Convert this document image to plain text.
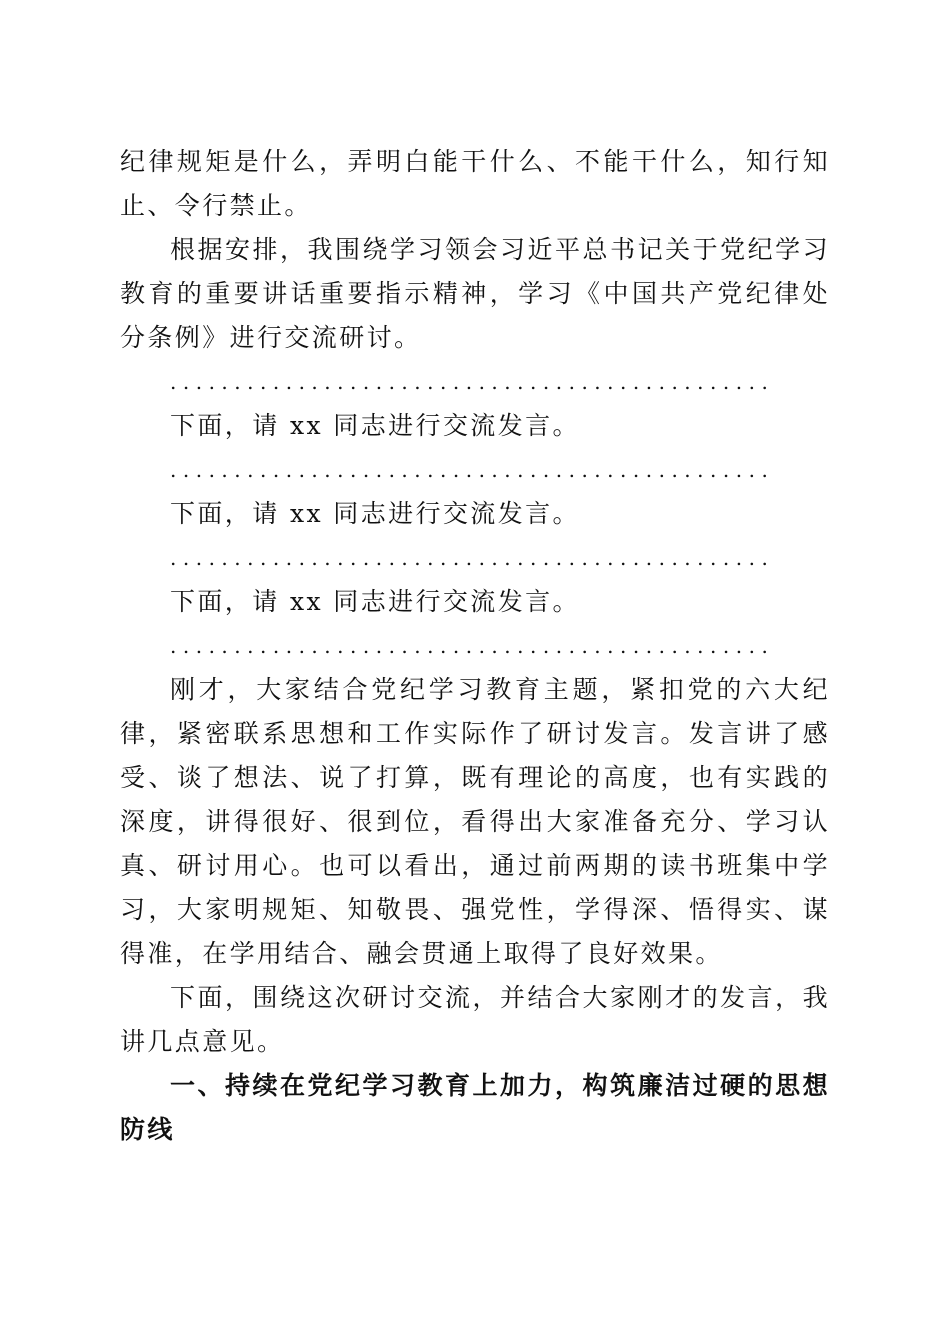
纪律规矩是什么，弄明白能干什么、不能干什么，知行知止、令行禁止。

根据安排，我围绕学习领会习近平总书记关于党纪学习教育的重要讲话重要指示精神，学习《中国共产党纪律处分条例》进行交流研讨。

...............................................
下面，请 xx 同志进行交流发言。
...............................................
下面，请 xx 同志进行交流发言。
...............................................
下面，请 xx 同志进行交流发言。
...............................................

刚才，大家结合党纪学习教育主题，紧扣党的六大纪律，紧密联系思想和工作实际作了研讨发言。发言讲了感受、谈了想法、说了打算，既有理论的高度，也有实践的深度，讲得很好、很到位，看得出大家准备充分、学习认真、研讨用心。也可以看出，通过前两期的读书班集中学习，大家明规矩、知敬畏、强党性，学得深、悟得实、谋得准，在学用结合、融会贯通上取得了良好效果。

下面，围绕这次研讨交流，并结合大家刚才的发言，我讲几点意见。

一、持续在党纪学习教育上加力，构筑廉洁过硬的思想防线
